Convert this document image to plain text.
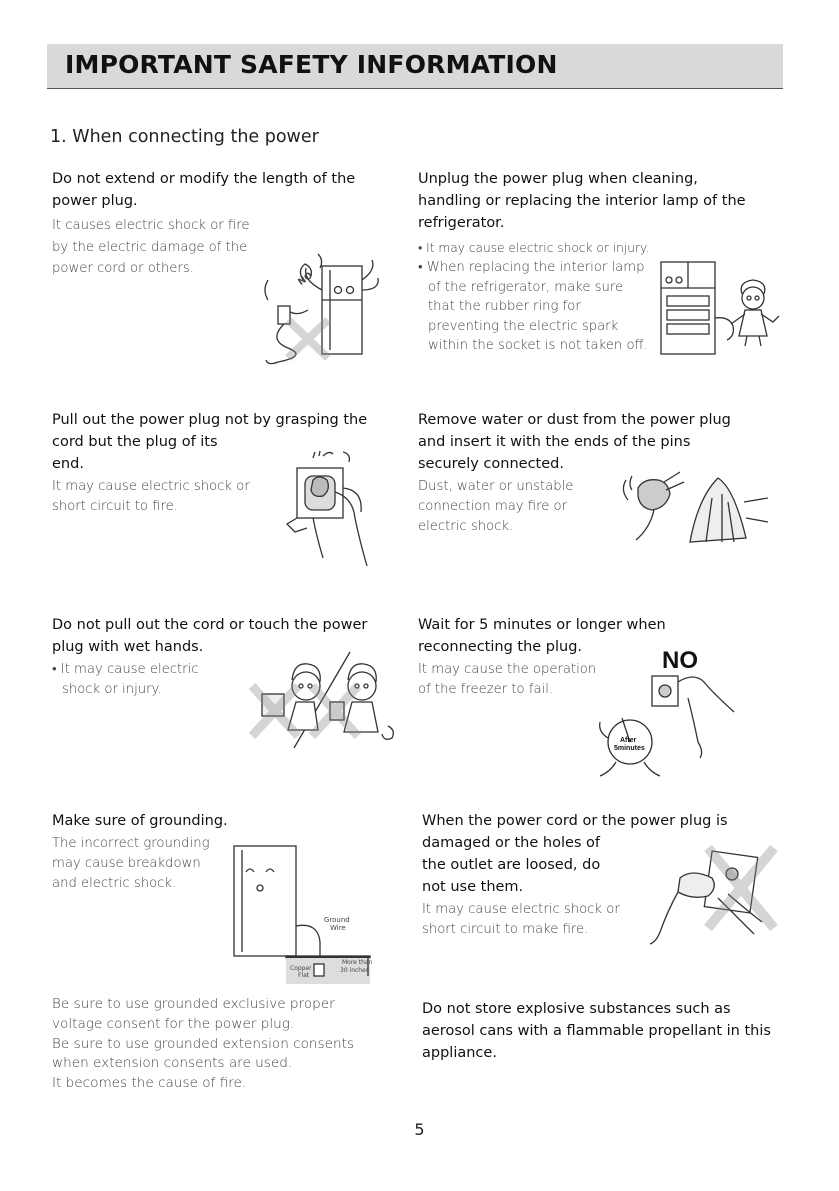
IMPORTANT SAFETY INFORMATION
1. When connecting the power
Do not extend or modify the length of the
power plug.
It causes electric shock or fire
by the electric damage of the
power cord or others.
NO
Unplug the power plug when cleaning,
handling or replacing the interior lamp of the
refrigerator.
• It may cause electric shock or injury.
• When replacing the interior lamp
of the refrigerator, make sure
that the rubber ring for
preventing the electric spark
within the socket is not taken off.
Pull out the power plug not by grasping the
cord but the plug of its
end.
It may cause electric shock or
short circuit to fire.
Remove water or dust from the power plug
and insert it with the ends of the pins
securely connected.
Dust, water or unstable
connection may fire or
electric shock.
Do not pull out the cord or touch the power
plug with wet hands.
• It may cause electric
shock or injury.
Wait for 5 minutes or longer when
reconnecting the plug.
It may cause the operation
of the freezer to fail.
NO
After
5minutes
Make sure of grounding.
The incorrect grounding
may cause breakdown
and electric shock.
Ground
Wire
Copper
Flat
More than
30 inches
Be sure to use grounded exclusive proper
voltage consent for the power plug.
Be sure to use grounded extension consents
when extension consents are used.
It becomes the cause of fire.
When the power cord or the power plug is
damaged or the holes of
the outlet are loosed, do
not use them.
It may cause electric shock or
short circuit to make fire.
Do not store explosive substances such as
aerosol cans with a flammable propellant in this
appliance.
5
